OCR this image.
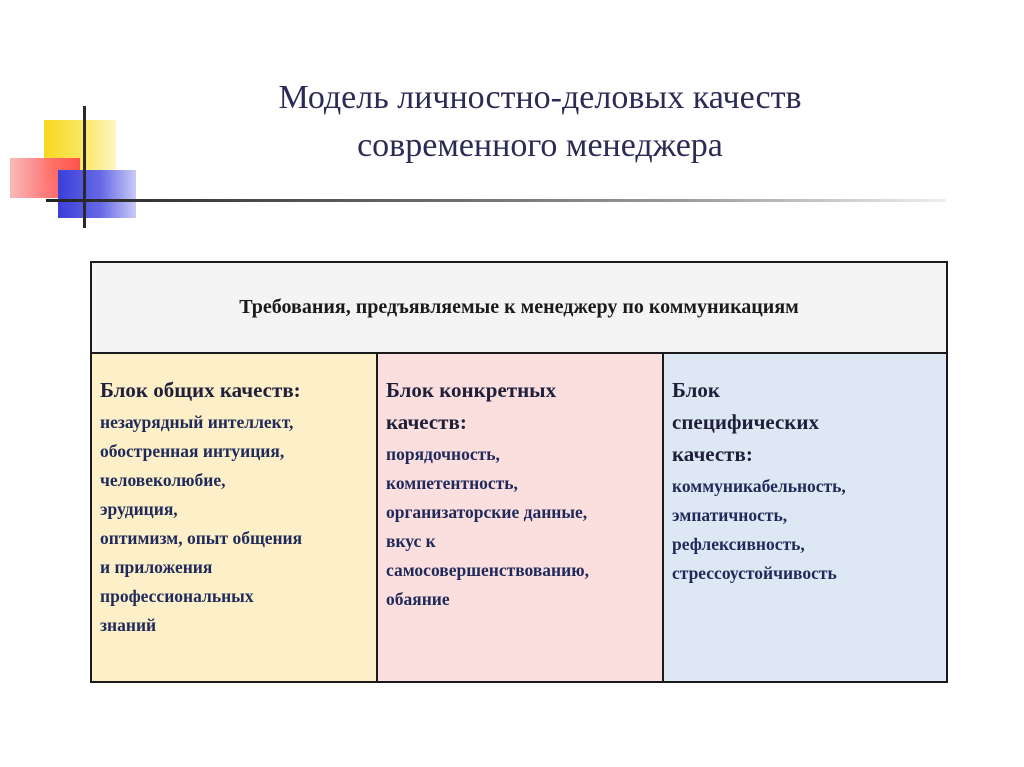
Модель личностно-деловых качеств
современного менеджера
Требования, предъявляемые к менеджеру по коммуникациям

Блок общих качеств:

незаурядный интеллект,
обостренная интуиция,
человеколюбие,
эрудиция,
оптимизм, опыт общения
и приложения
профессиональных
знаний

Блок конкретных
качеств:

порядочность,
компетентность,
организаторские данные,
вкус к
самосовершенствованию,
обаяние

Блок
специфических
качеств:

коммуникабельность,
эмпатичность,
рефлексивность,
стрессоустойчивость
